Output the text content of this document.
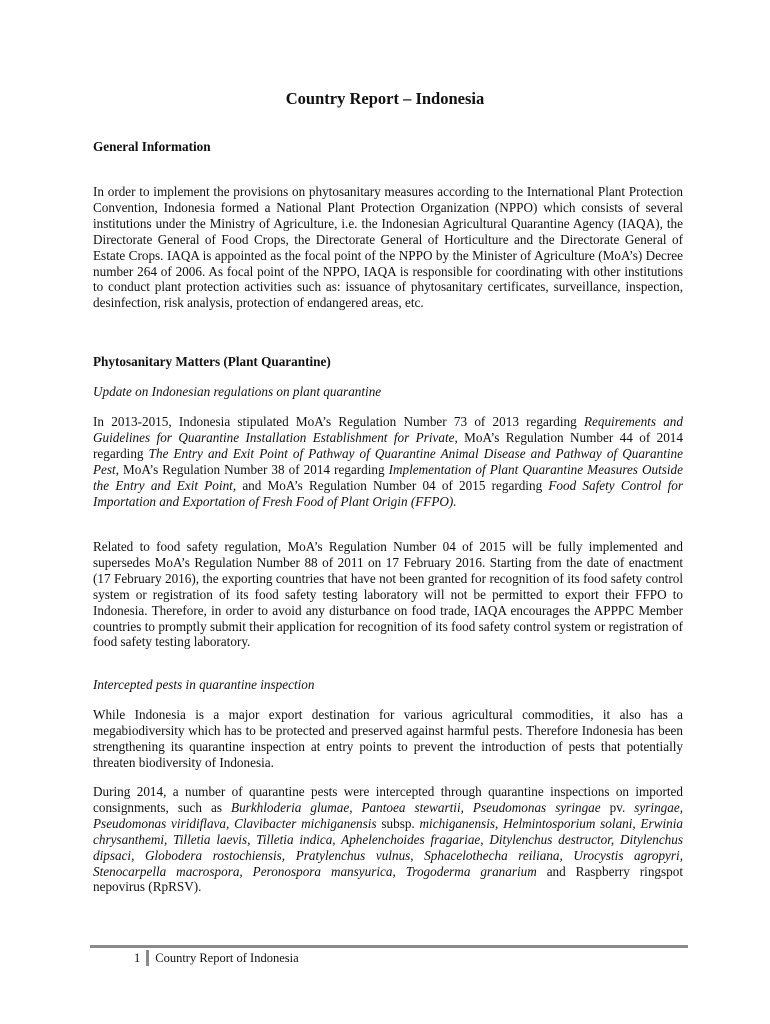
Country Report – Indonesia
General Information

In order to implement the provisions on phytosanitary measures according to the International Plant Protection Convention, Indonesia formed a National Plant Protection Organization (NPPO) which consists of several institutions under the Ministry of Agriculture, i.e. the Indonesian Agricultural Quarantine Agency (IAQA), the Directorate General of Food Crops, the Directorate General of Horticulture and the Directorate General of Estate Crops. IAQA is appointed as the focal point of the NPPO by the Minister of Agriculture (MoA’s) Decree number 264 of 2006. As focal point of the NPPO, IAQA is responsible for coordinating with other institutions to conduct plant protection activities such as: issuance of phytosanitary certificates, surveillance, inspection, desinfection, risk analysis, protection of endangered areas, etc.

Phytosanitary Matters (Plant Quarantine)

Update on Indonesian regulations on plant quarantine

In 2013-2015, Indonesia stipulated MoA’s Regulation Number 73 of 2013 regarding Requirements and Guidelines for Quarantine Installation Establishment for Private, MoA’s Regulation Number 44 of 2014 regarding The Entry and Exit Point of Pathway of Quarantine Animal Disease and Pathway of Quarantine Pest, MoA’s Regulation Number 38 of 2014 regarding Implementation of Plant Quarantine Measures Outside the Entry and Exit Point, and MoA’s Regulation Number 04 of 2015 regarding Food Safety Control for Importation and Exportation of Fresh Food of Plant Origin (FFPO).

Related to food safety regulation, MoA’s Regulation Number 04 of 2015 will be fully implemented and supersedes MoA’s Regulation Number 88 of 2011 on 17 February 2016. Starting from the date of enactment (17 February 2016), the exporting countries that have not been granted for recognition of its food safety control system or registration of its food safety testing laboratory will not be permitted to export their FFPO to Indonesia. Therefore, in order to avoid any disturbance on food trade, IAQA encourages the APPPC Member countries to promptly submit their application for recognition of its food safety control system or registration of food safety testing laboratory.

Intercepted pests in quarantine inspection

While Indonesia is a major export destination for various agricultural commodities, it also has a megabiodiversity which has to be protected and preserved against harmful pests. Therefore Indonesia has been strengthening its quarantine inspection at entry points to prevent the introduction of pests that potentially threaten biodiversity of Indonesia.

During 2014, a number of quarantine pests were intercepted through quarantine inspections on imported consignments, such as Burkhloderia glumae, Pantoea stewartii, Pseudomonas syringae pv. syringae, Pseudomonas viridiflava, Clavibacter michiganensis subsp. michiganensis, Helmintosporium solani, Erwinia chrysanthemi, Tilletia laevis, Tilletia indica, Aphelenchoides fragariae, Ditylenchus destructor, Ditylenchus dipsaci, Globodera rostochiensis, Pratylenchus vulnus, Sphacelothecha reiliana, Urocystis agropyri, Stenocarpella macrospora, Peronospora mansyurica, Trogoderma granarium and Raspberry ringspot nepovirus (RpRSV).

1	Country Report of Indonesia
